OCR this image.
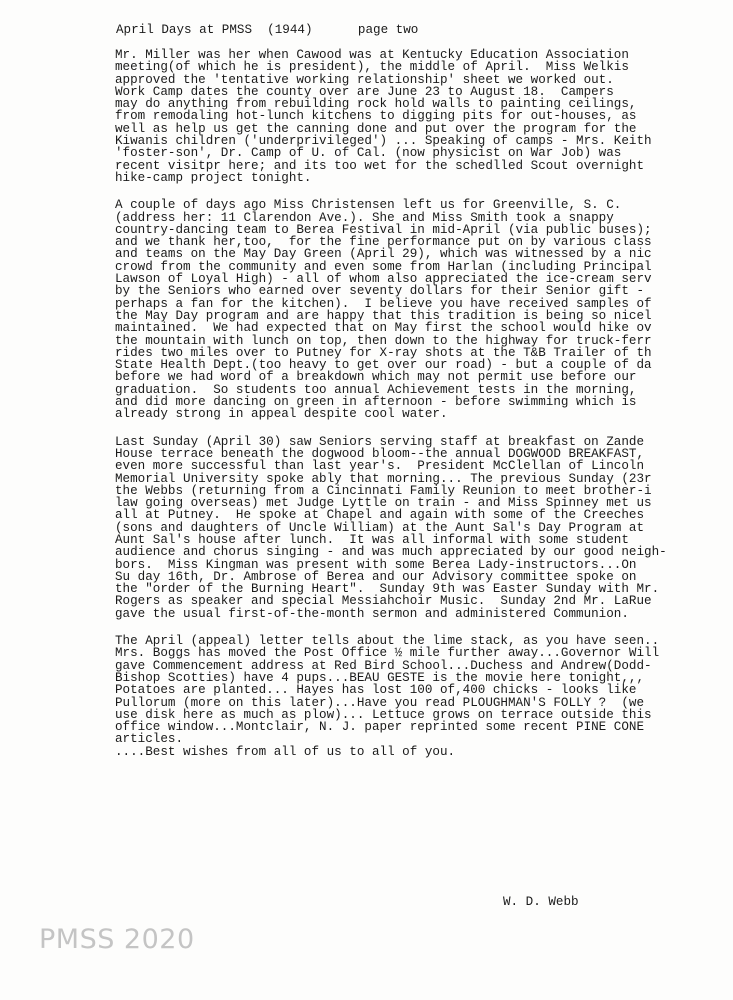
April Days at PMSS (1944)	page two
Mr. Miller was her when Cawood was at Kentucky Education Association
meeting(of which he is president), the middle of April.  Miss Welkis
approved the 'tentative working relationship' sheet we worked out.
Work Camp dates the county over are June 23 to August 18.  Campers
may do anything from rebuilding rock hold walls to painting ceilings,
from remodaling hot-lunch kitchens to digging pits for out-houses, as
well as help us get the canning done and put over the program for the
Kiwanis children ('underprivileged') ... Speaking of camps - Mrs. Keith
'foster-son', Dr. Camp of U. of Cal. (now physicist on War Job) was
recent visitpr here; and its too wet for the schedlled Scout overnight
hike-camp project tonight.
A couple of days ago Miss Christensen left us for Greenville, S. C.
(address her: 11 Clarendon Ave.). She and Miss Smith took a snappy
country-dancing team to Berea Festival in mid-April (via public buses);
and we thank her,too,  for the fine performance put on by various class
and teams on the May Day Green (April 29), which was witnessed by a nic
crowd from the community and even some from Harlan (including Principal
Lawson of Loyal High) - all of whom also appreciated the ice-cream serv
by the Seniors who earned over seventy dollars for their Senior gift -
perhaps a fan for the kitchen).  I believe you have received samples of
the May Day program and are happy that this tradition is being so nicel
maintained.  We had expected that on May first the school would hike ov
the mountain with lunch on top, then down to the highway for truck-ferr
rides two miles over to Putney for X-ray shots at the T&B Trailer of th
State Health Dept.(too heavy to get over our road) - but a couple of da
before we had word of a breakdown which may not permit use before our
graduation.  So students too annual Achievement tests in the morning,
and did more dancing on green in afternoon - before swimming which is
already strong in appeal despite cool water.
Last Sunday (April 30) saw Seniors serving staff at breakfast on Zande
House terrace beneath the dogwood bloom--the annual DOGWOOD BREAKFAST,
even more successful than last year's.  President McClellan of Lincoln
Memorial University spoke ably that morning... The previous Sunday (23r
the Webbs (returning from a Cincinnati Family Reunion to meet brother-i
law going overseas) met Judge Lyttle on train - and Miss Spinney met us
all at Putney.  He spoke at Chapel and again with some of the Creeches
(sons and daughters of Uncle William) at the Aunt Sal's Day Program at
Aunt Sal's house after lunch.  It was all informal with some student
audience and chorus singing - and was much appreciated by our good neigh-
bors.  Miss Kingman was present with some Berea Lady-instructors...On
Su day 16th, Dr. Ambrose of Berea and our Advisory committee spoke on
the "order of the Burning Heart".  Sunday 9th was Easter Sunday with Mr.
Rogers as speaker and special Messiahchoir Music.  Sunday 2nd Mr. LaRue
gave the usual first-of-the-month sermon and administered Communion.
The April (appeal) letter tells about the lime stack, as you have seen..
Mrs. Boggs has moved the Post Office ½ mile further away...Governor Will
gave Commencement address at Red Bird School...Duchess and Andrew(Dodd-
Bishop Scotties) have 4 pups...BEAU GESTE is the movie here tonight,,,
Potatoes are planted... Hayes has lost 100 of,400 chicks - looks like
Pullorum (more on this later)...Have you read PLOUGHMAN'S FOLLY ?  (we
use disk here as much as plow)... Lettuce grows on terrace outside this
office window...Montclair, N. J. paper reprinted some recent PINE CONE
articles.
....Best wishes from all of us to all of you.
W. D. Webb
PMSS 2020
